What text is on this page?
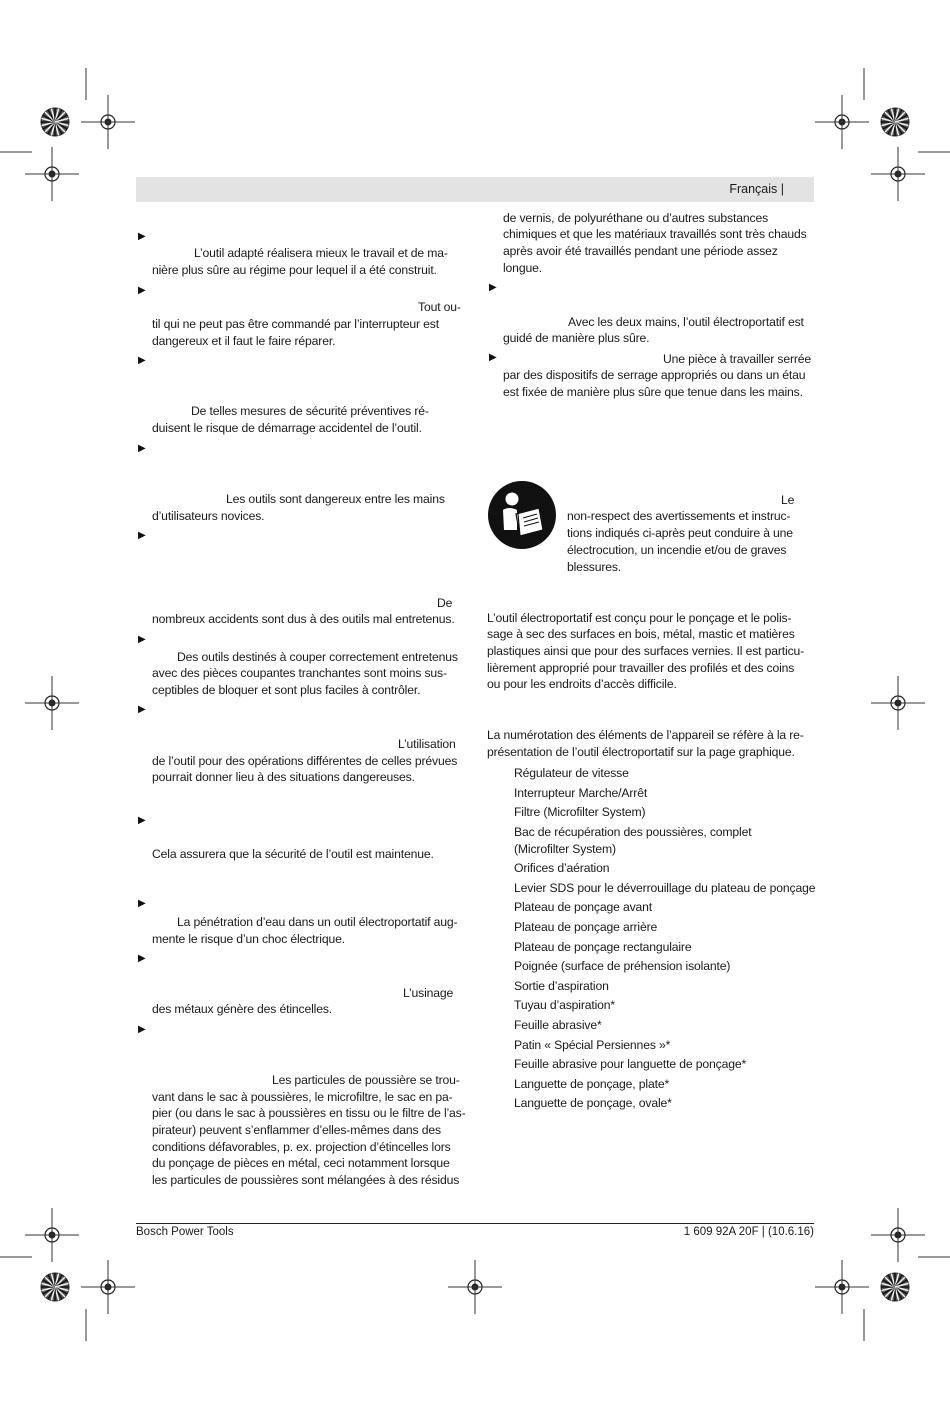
Français |
▶
L’outil adapté réalisera mieux le travail et de ma-
nière plus sûre au régime pour lequel il a été construit.
▶
Tout ou-
til qui ne peut pas être commandé par l’interrupteur est
dangereux et il faut le faire réparer.
▶
De telles mesures de sécurité préventives ré-
duisent le risque de démarrage accidentel de l’outil.
▶
Les outils sont dangereux entre les mains
d’utilisateurs novices.
▶
De
nombreux accidents sont dus à des outils mal entretenus.
▶
Des outils destinés à couper correctement entretenus
avec des pièces coupantes tranchantes sont moins sus-
ceptibles de bloquer et sont plus faciles à contrôler.
▶
L’utilisation
de l’outil pour des opérations différentes de celles prévues
pourrait donner lieu à des situations dangereuses.
▶
Cela assurera que la sécurité de l’outil est maintenue.
▶
La pénétration d’eau dans un outil électroportatif aug-
mente le risque d’un choc électrique.
▶
L’usinage
des métaux génère des étincelles.
▶
Les particules de poussière se trou-
vant dans le sac à poussières, le microfiltre, le sac en pa-
pier (ou dans le sac à poussières en tissu ou le filtre de l’as-
pirateur) peuvent s’enflammer d’elles-mêmes dans des
conditions défavorables, p. ex. projection d’étincelles lors
du ponçage de pièces en métal, ceci notamment lorsque
les particules de poussières sont mélangées à des résidus
de vernis, de polyuréthane ou d’autres substances
chimiques et que les matériaux travaillés sont très chauds
après avoir été travaillés pendant une période assez
longue.
▶
Avec les deux mains, l’outil électroportatif est
guidé de manière plus sûre.
▶	Une pièce à travailler serrée
par des dispositifs de serrage appropriés ou dans un étau
est fixée de manière plus sûre que tenue dans les mains.
Le
non-respect des avertissements et instruc-
tions indiqués ci-après peut conduire à une
électrocution, un incendie et/ou de graves
blessures.
L’outil électroportatif est conçu pour le ponçage et le polis-
sage à sec des surfaces en bois, métal, mastic et matières
plastiques ainsi que pour des surfaces vernies. Il est particu-
lièrement approprié pour travailler des profilés et des coins
ou pour les endroits d’accès difficile.
La numérotation des éléments de l’appareil se réfère à la re-
présentation de l’outil électroportatif sur la page graphique.
Régulateur de vitesse
Interrupteur Marche/Arrêt
Filtre (Microfilter System)
Bac de récupération des poussières, complet
(Microfilter System)
Orifices d’aération
Levier SDS pour le déverrouillage du plateau de ponçage
Plateau de ponçage avant
Plateau de ponçage arrière
Plateau de ponçage rectangulaire
Poignée (surface de préhension isolante)
Sortie d’aspiration
Tuyau d’aspiration*
Feuille abrasive*
Patin « Spécial Persiennes »*
Feuille abrasive pour languette de ponçage*
Languette de ponçage, plate*
Languette de ponçage, ovale*
Bosch Power Tools	1 609 92A 20F | (10.6.16)
